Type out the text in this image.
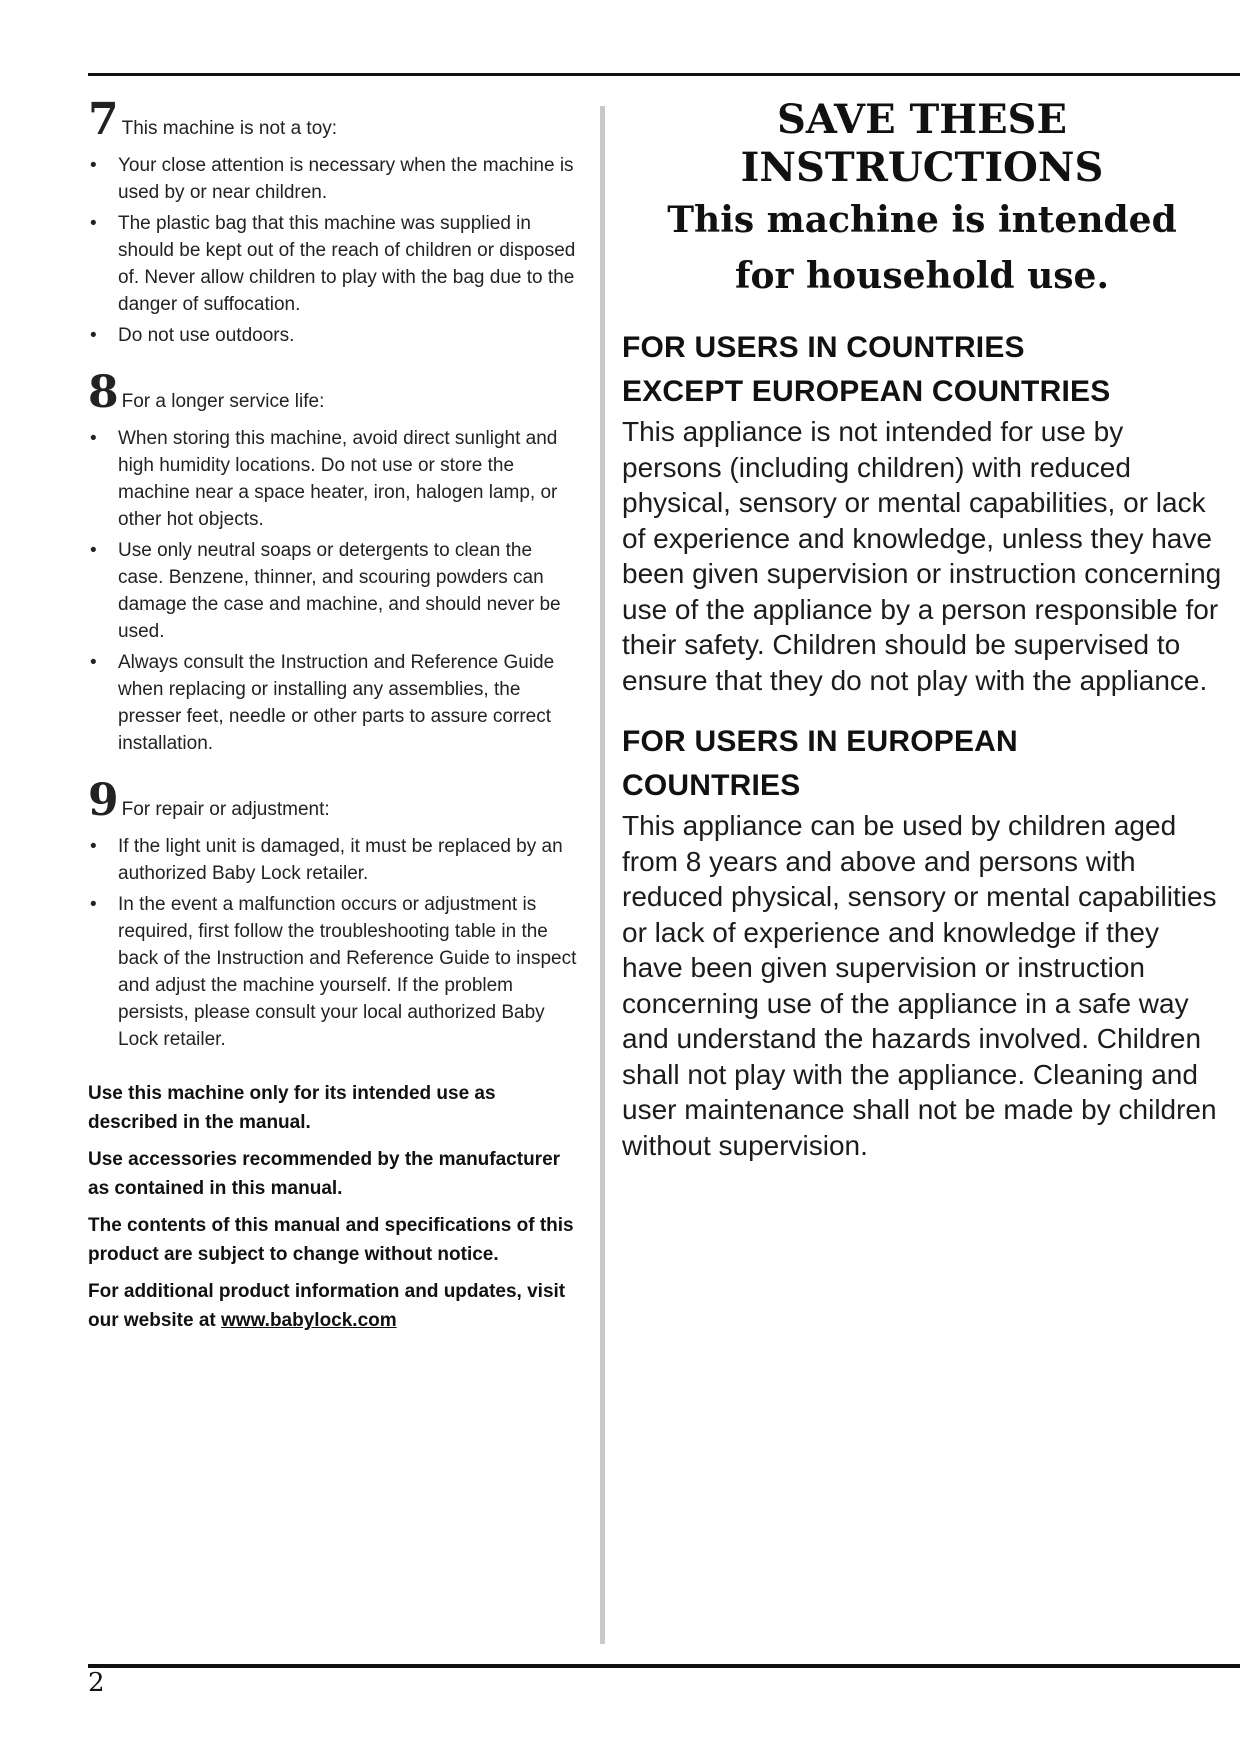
7 This machine is not a toy:
• Your close attention is necessary when the machine is used by or near children.
• The plastic bag that this machine was supplied in should be kept out of the reach of children or disposed of. Never allow children to play with the bag due to the danger of suffocation.
• Do not use outdoors.
8 For a longer service life:
• When storing this machine, avoid direct sunlight and high humidity locations. Do not use or store the machine near a space heater, iron, halogen lamp, or other hot objects.
• Use only neutral soaps or detergents to clean the case. Benzene, thinner, and scouring powders can damage the case and machine, and should never be used.
• Always consult the Instruction and Reference Guide when replacing or installing any assemblies, the presser feet, needle or other parts to assure correct installation.
9 For repair or adjustment:
• If the light unit is damaged, it must be replaced by an authorized Baby Lock retailer.
• In the event a malfunction occurs or adjustment is required, first follow the troubleshooting table in the back of the Instruction and Reference Guide to inspect and adjust the machine yourself. If the problem persists, please consult your local authorized Baby Lock retailer.

Use this machine only for its intended use as described in the manual.

Use accessories recommended by the manufacturer as contained in this manual.

The contents of this manual and specifications of this product are subject to change without notice.

For additional product information and updates, visit our website at www.babylock.com

SAVE THESE

INSTRUCTIONS

This machine is intended

for household use.

FOR USERS IN COUNTRIES

EXCEPT EUROPEAN COUNTRIES

This appliance is not intended for use by persons (including children) with reduced physical, sensory or mental capabilities, or lack of experience and knowledge, unless they have been given supervision or instruction concerning use of the appliance by a person responsible for their safety. Children should be supervised to ensure that they do not play with the appliance.

FOR USERS IN EUROPEAN

COUNTRIES

This appliance can be used by children aged from 8 years and above and persons with reduced physical, sensory or mental capabilities or lack of experience and knowledge if they have been given supervision or instruction concerning use of the appliance in a safe way and understand the hazards involved. Children shall not play with the appliance. Cleaning and user maintenance shall not be made by children without supervision.

2
